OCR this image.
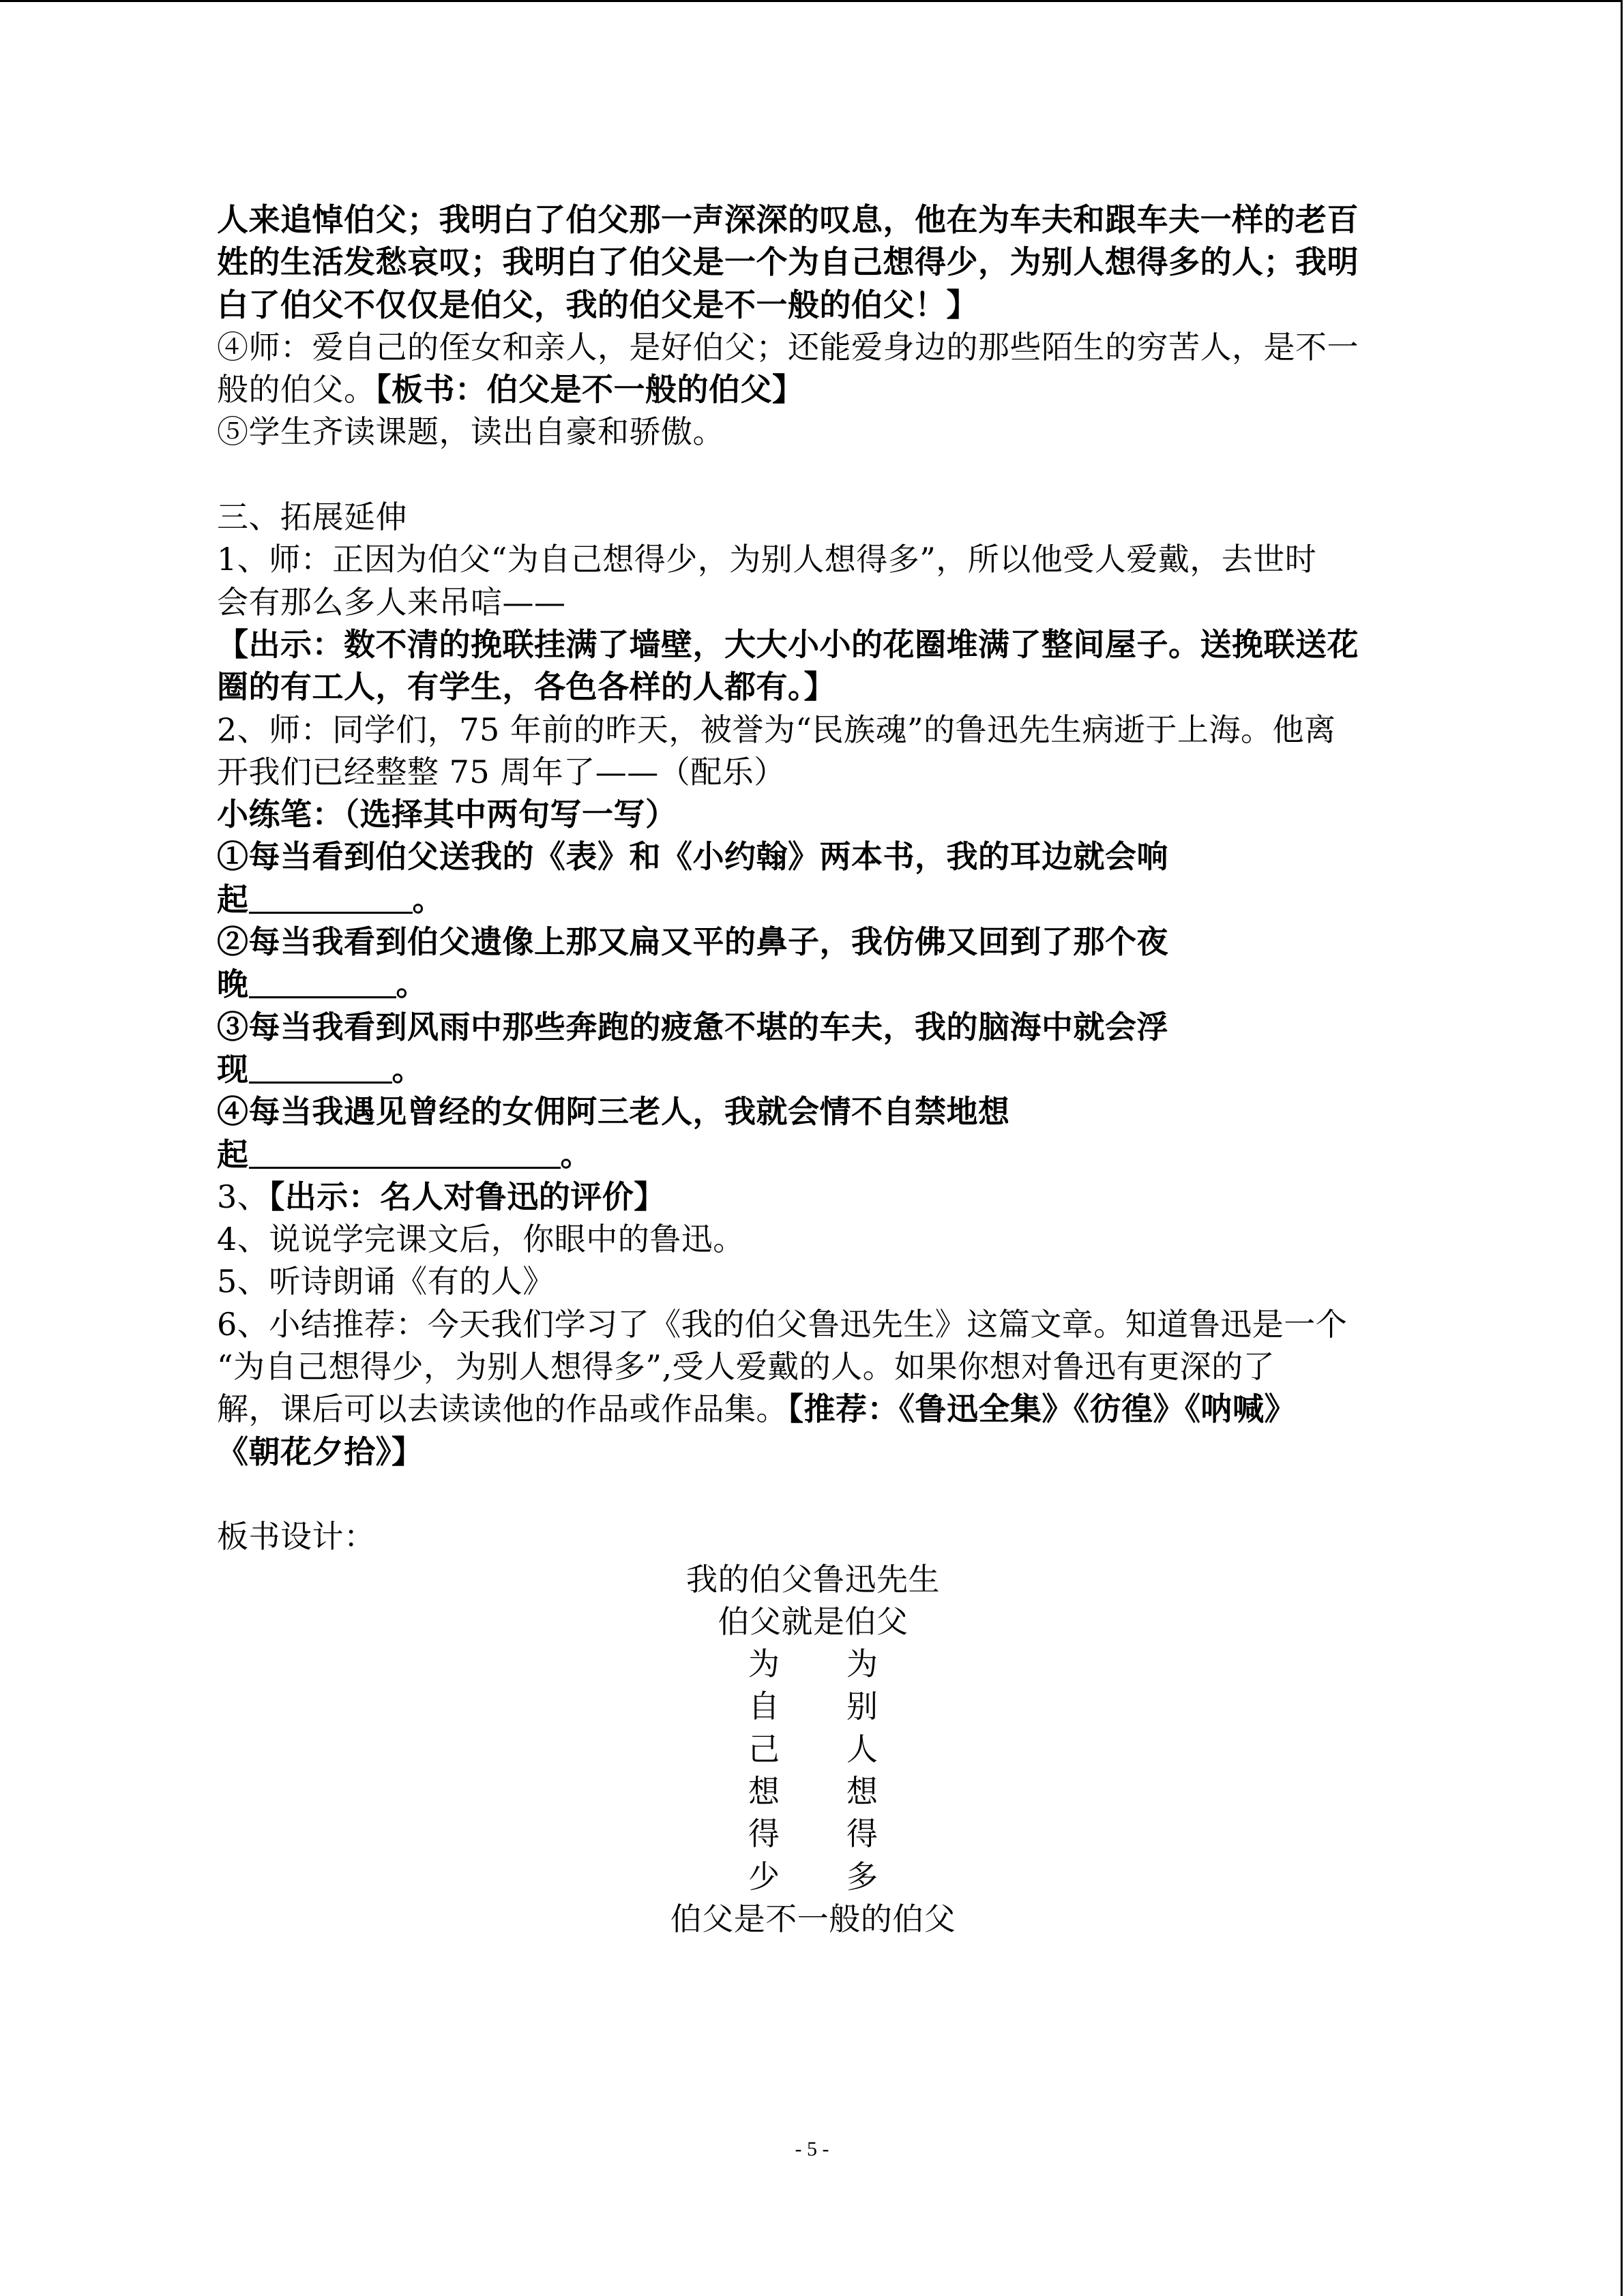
人来追悼伯父；我明白了伯父那一声深深的叹息，他在为车夫和跟车夫一样的老百
姓的生活发愁哀叹；我明白了伯父是一个为自己想得少，为别人想得多的人；我明
白了伯父不仅仅是伯父，我的伯父是不一般的伯父！】
④师：爱自己的侄女和亲人，是好伯父；还能爱身边的那些陌生的穷苦人，是不一
般的伯父。【板书：伯父是不一般的伯父】
⑤学生齐读课题，读出自豪和骄傲。
三、拓展延伸
1、师：正因为伯父“为自己想得少，为别人想得多”，所以他受人爱戴，去世时
会有那么多人来吊唁——
【出示：数不清的挽联挂满了墙壁，大大小小的花圈堆满了整间屋子。送挽联送花
圈的有工人，有学生，各色各样的人都有。】
2、师：同学们，75 年前的昨天，被誉为“民族魂”的鲁迅先生病逝于上海。他离
开我们已经整整 75 周年了——（配乐）
小练笔：（选择其中两句写一写）
①每当看到伯父送我的《表》和《小约翰》两本书，我的耳边就会响
起	。
②每当我看到伯父遗像上那又扁又平的鼻子，我仿佛又回到了那个夜
晚	。
③每当我看到风雨中那些奔跑的疲惫不堪的车夫，我的脑海中就会浮
现	。
④每当我遇见曾经的女佣阿三老人，我就会情不自禁地想
起	。
3、【出示：名人对鲁迅的评价】
4、说说学完课文后，你眼中的鲁迅。
5、听诗朗诵《有的人》
6、小结推荐：今天我们学习了《我的伯父鲁迅先生》这篇文章。知道鲁迅是一个
“为自己想得少，为别人想得多”,受人爱戴的人。如果你想对鲁迅有更深的了
解，课后可以去读读他的作品或作品集。【推荐：《鲁迅全集》《彷徨》《呐喊》
《朝花夕拾》】
板书设计：
我的伯父鲁迅先生
伯父就是伯父
为 为
自 别
己 人
想 想
得 得
少 多
伯父是不一般的伯父
- 5 -
